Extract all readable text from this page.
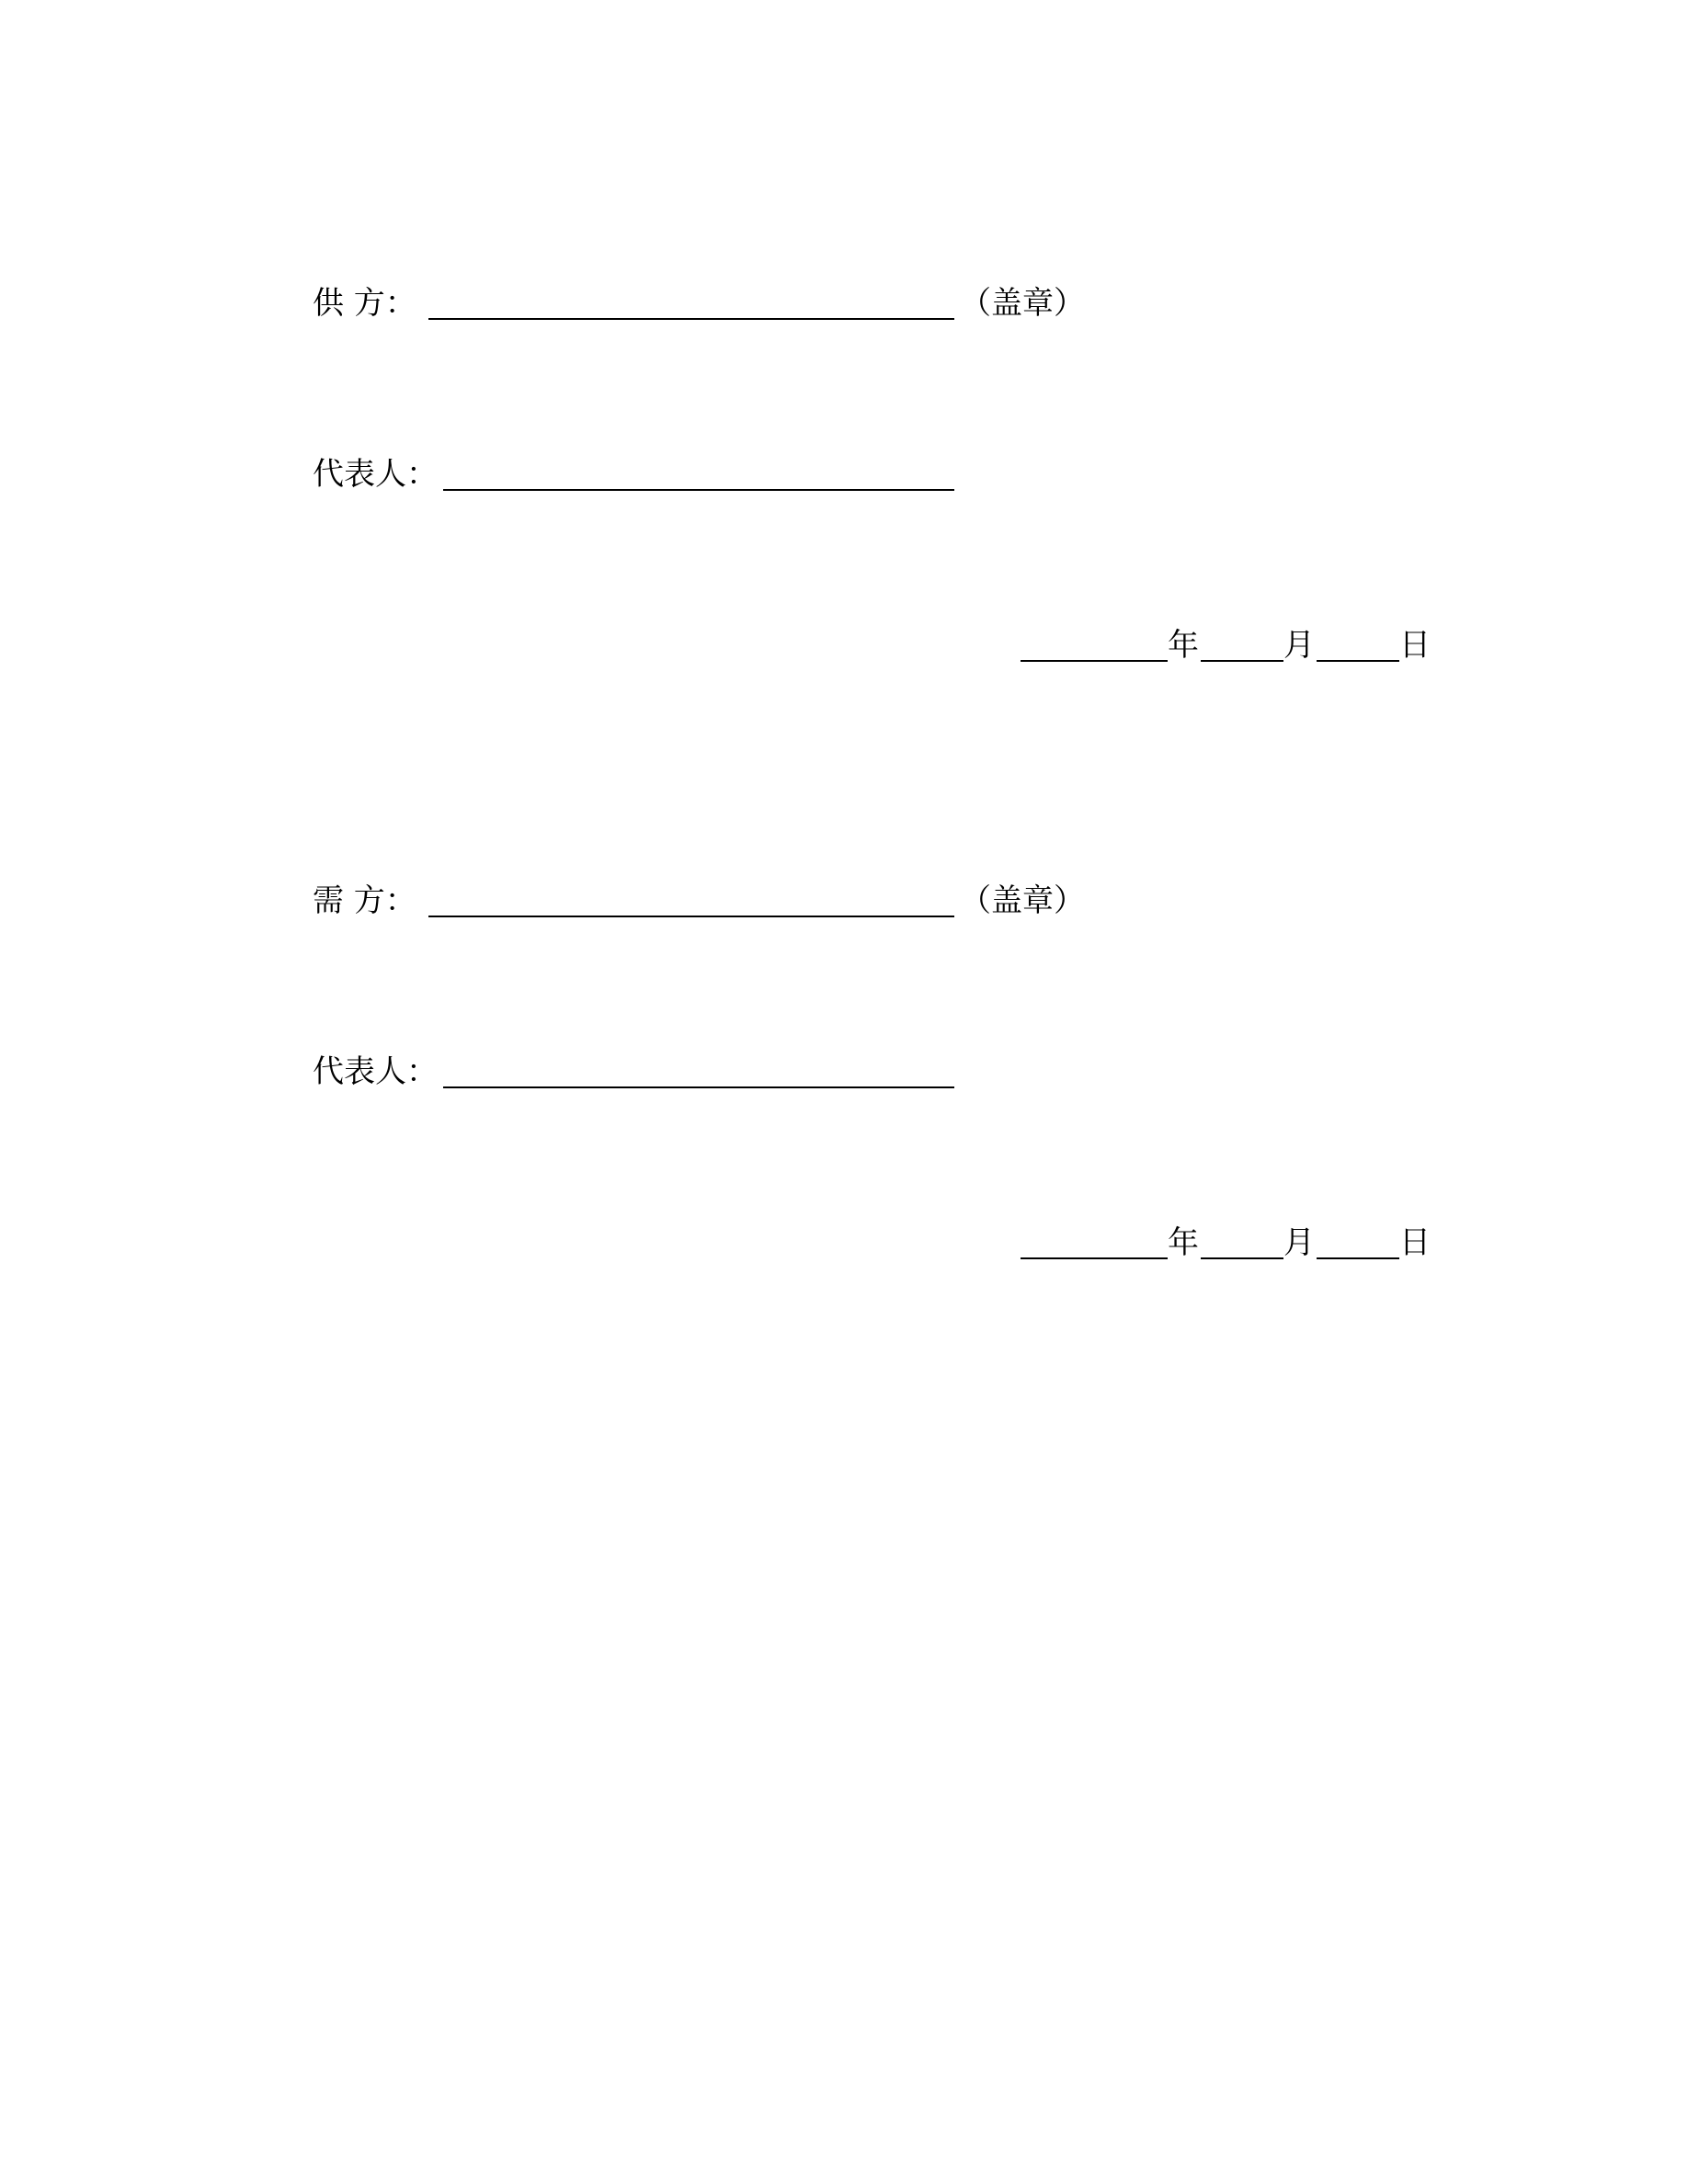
供 方：	（盖章）
代表人：
年	月	日
需 方：	（盖章）
代表人：
年	月	日
